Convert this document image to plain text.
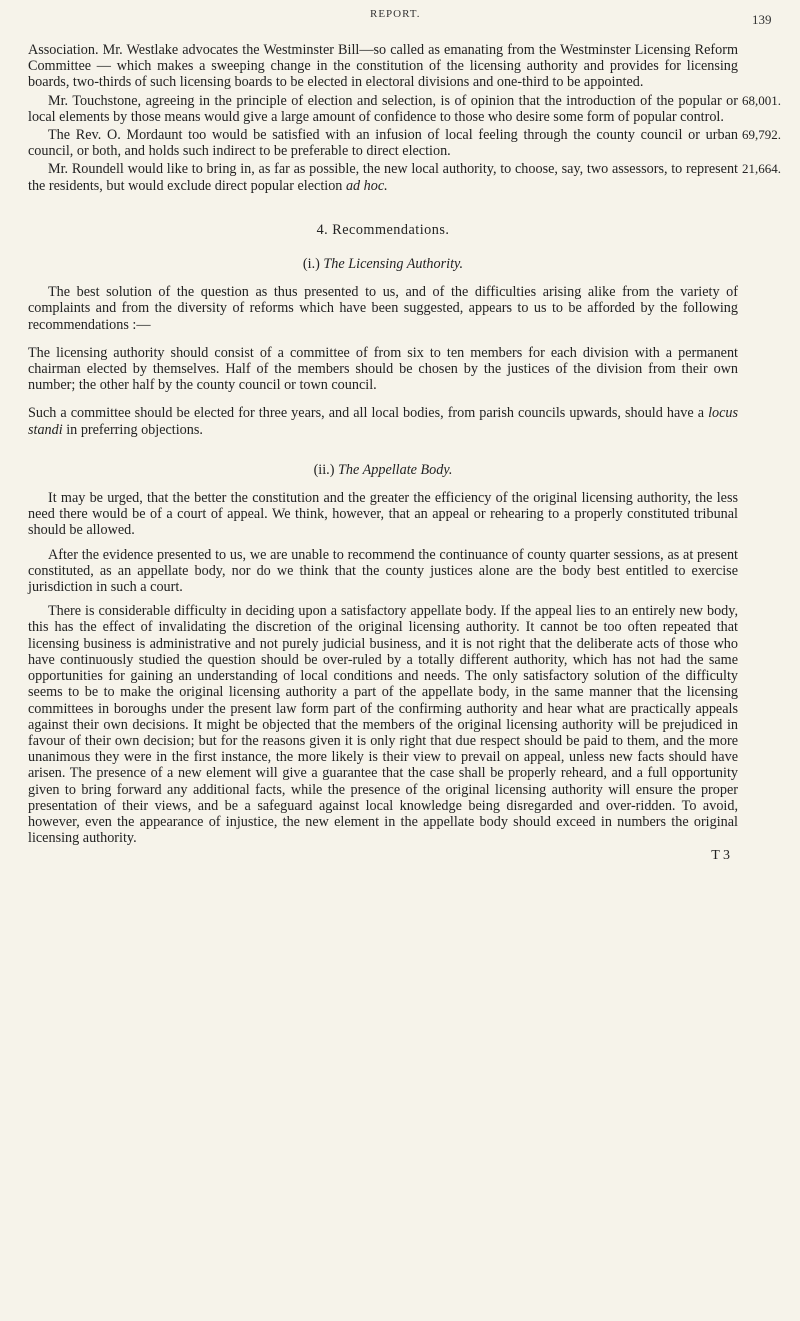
REPORT.	139

Association. Mr. Westlake advocates the Westminster Bill—so called as emanating from the Westminster Licensing Reform Committee — which makes a sweeping change in the constitution of the licensing authority and provides for licensing boards, two-thirds of such licensing boards to be elected in electoral divisions and one-third to be appointed.

Mr. Touchstone, agreeing in the principle of election and selection, is of opinion that the introduction of the popular or local elements by those means would give a large amount of confidence to those who desire some form of popular control.
68,001.

The Rev. O. Mordaunt too would be satisfied with an infusion of local feeling through the county council or urban council, or both, and holds such indirect to be preferable to direct election.
69,792.

Mr. Roundell would like to bring in, as far as possible, the new local authority, to choose, say, two assessors, to represent the residents, but would exclude direct popular election ad hoc.
21,664.

4. Recommendations.
(i.) The Licensing Authority.

The best solution of the question as thus presented to us, and of the difficulties arising alike from the variety of complaints and from the diversity of reforms which have been suggested, appears to us to be afforded by the following recommendations :—

The licensing authority should consist of a committee of from six to ten members for each division with a permanent chairman elected by themselves. Half of the members should be chosen by the justices of the division from their own number; the other half by the county council or town council.

Such a committee should be elected for three years, and all local bodies, from parish councils upwards, should have a locus standi in preferring objections.

(ii.) The Appellate Body.

It may be urged, that the better the constitution and the greater the efficiency of the original licensing authority, the less need there would be of a court of appeal. We think, however, that an appeal or rehearing to a properly constituted tribunal should be allowed.

After the evidence presented to us, we are unable to recommend the continuance of county quarter sessions, as at present constituted, as an appellate body, nor do we think that the county justices alone are the body best entitled to exercise jurisdiction in such a court.

There is considerable difficulty in deciding upon a satisfactory appellate body. If the appeal lies to an entirely new body, this has the effect of invalidating the discretion of the original licensing authority. It cannot be too often repeated that licensing business is administrative and not purely judicial business, and it is not right that the deliberate acts of those who have continuously studied the question should be over-ruled by a totally different authority, which has not had the same opportunities for gaining an understanding of local conditions and needs. The only satisfactory solution of the difficulty seems to be to make the original licensing authority a part of the appellate body, in the same manner that the licensing committees in boroughs under the present law form part of the confirming authority and hear what are practically appeals against their own decisions. It might be objected that the members of the original licensing authority will be prejudiced in favour of their own decision; but for the reasons given it is only right that due respect should be paid to them, and the more unanimous they were in the first instance, the more likely is their view to prevail on appeal, unless new facts should have arisen. The presence of a new element will give a guarantee that the case shall be properly reheard, and a full opportunity given to bring forward any additional facts, while the presence of the original licensing authority will ensure the proper presentation of their views, and be a safeguard against local knowledge being disregarded and over-ridden. To avoid, however, even the appearance of injustice, the new element in the appellate body should exceed in numbers the original licensing authority.

T 3
